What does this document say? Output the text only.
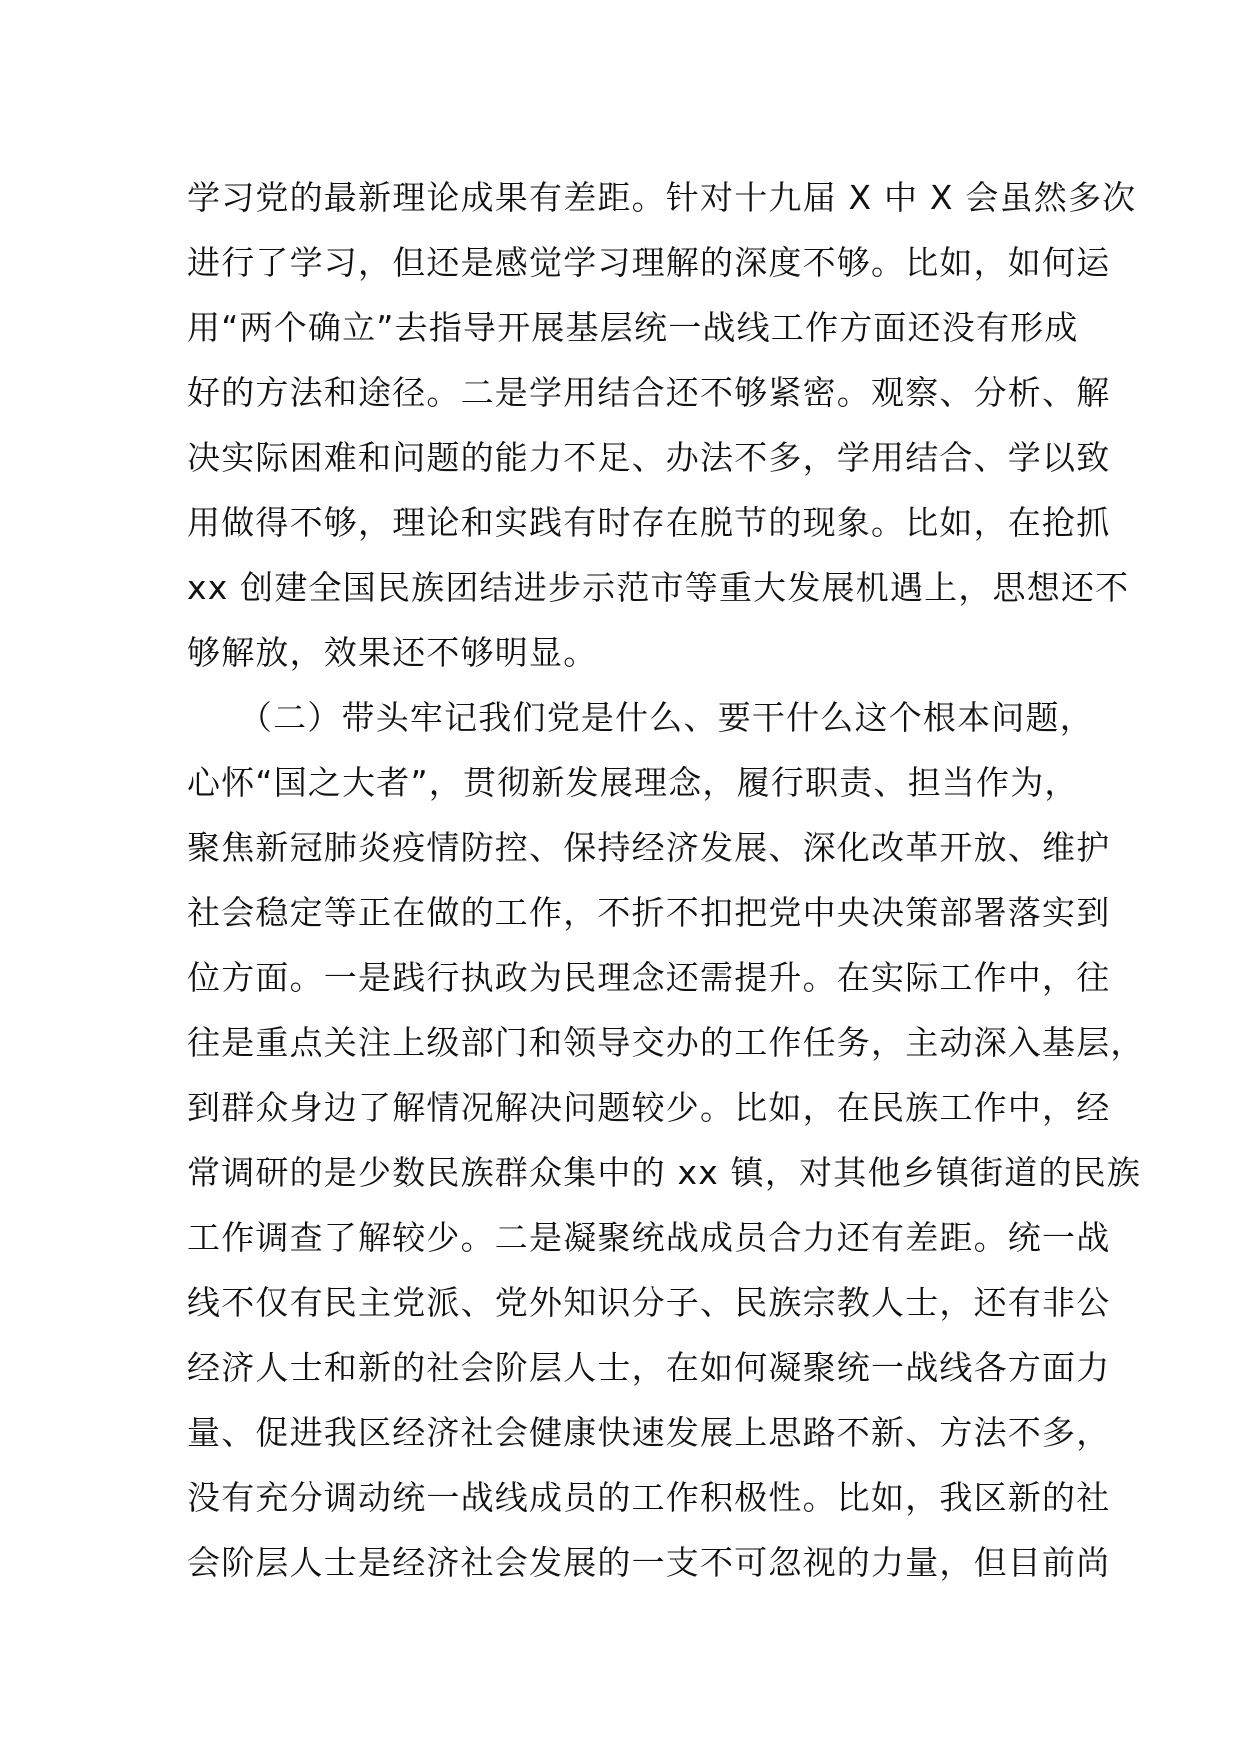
学习党的最新理论成果有差距。针对十九届 X 中 X 会虽然多次
进行了学习，但还是感觉学习理解的深度不够。比如，如何运
用“两个确立”去指导开展基层统一战线工作方面还没有形成
好的方法和途径。二是学用结合还不够紧密。观察、分析、解
决实际困难和问题的能力不足、办法不多，学用结合、学以致
用做得不够，理论和实践有时存在脱节的现象。比如，在抢抓
xx 创建全国民族团结进步示范市等重大发展机遇上，思想还不
够解放，效果还不够明显。
　　（二）带头牢记我们党是什么、要干什么这个根本问题，
心怀“国之大者”，贯彻新发展理念，履行职责、担当作为，
聚焦新冠肺炎疫情防控、保持经济发展、深化改革开放、维护
社会稳定等正在做的工作，不折不扣把党中央决策部署落实到
位方面。一是践行执政为民理念还需提升。在实际工作中，往
往是重点关注上级部门和领导交办的工作任务，主动深入基层，
到群众身边了解情况解决问题较少。比如，在民族工作中，经
常调研的是少数民族群众集中的 xx 镇，对其他乡镇街道的民族
工作调查了解较少。二是凝聚统战成员合力还有差距。统一战
线不仅有民主党派、党外知识分子、民族宗教人士，还有非公
经济人士和新的社会阶层人士，在如何凝聚统一战线各方面力
量、促进我区经济社会健康快速发展上思路不新、方法不多，
没有充分调动统一战线成员的工作积极性。比如，我区新的社
会阶层人士是经济社会发展的一支不可忽视的力量，但目前尚
